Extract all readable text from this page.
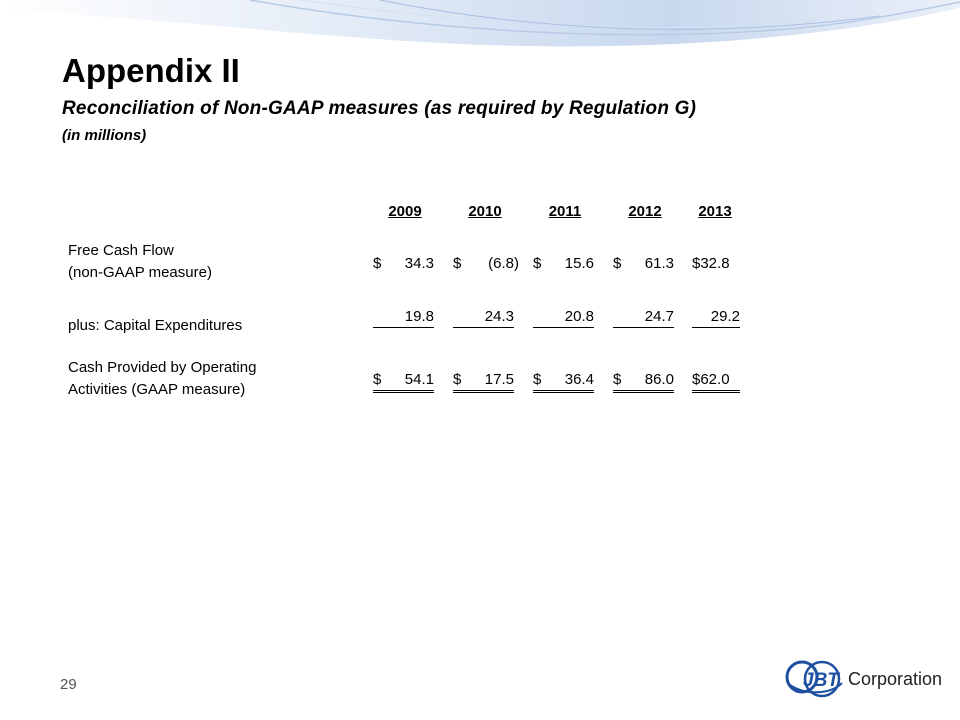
Appendix II
Reconciliation of Non-GAAP measures (as required by Regulation G)
(in millions)
2009	2010	2011	2012	2013
Free Cash Flow
(non-GAAP measure)
$ 34.3 $ (6.8) $ 15.6 $ 61.3 $ 32.8
plus: Capital Expenditures
19.8	24.3	20.8	24.7 29.2
Cash Provided by Operating
Activities (GAAP measure)
$ 54.1 $ 17.5 $ 36.4 $ 86.0 $ 62.0
29	JBT Corporation
